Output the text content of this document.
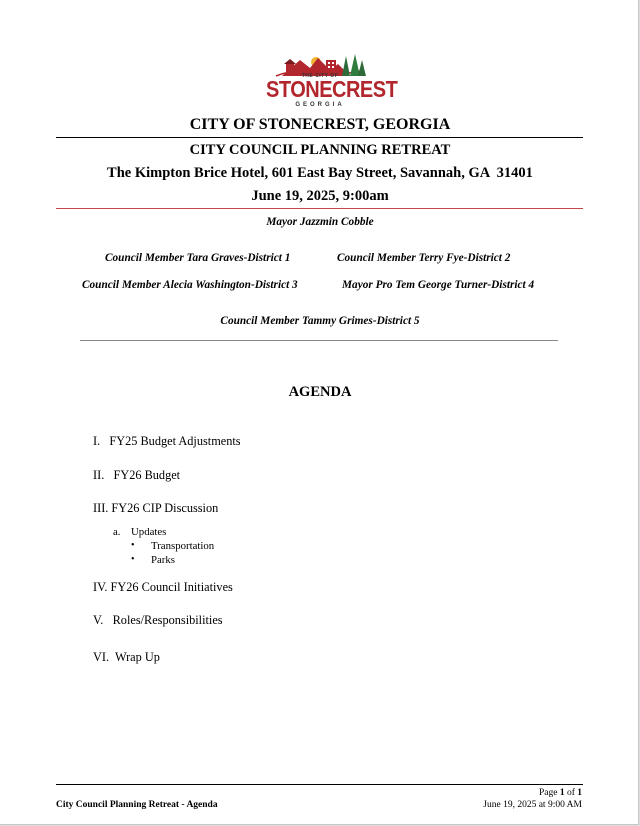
THE CITY OF
STONECREST
GEORGIA
CITY OF STONECREST, GEORGIA
CITY COUNCIL PLANNING RETREAT
The Kimpton Brice Hotel, 601 East Bay Street, Savannah, GA  31401
June 19, 2025, 9:00am
Mayor Jazzmin Cobble
Council Member Tara Graves-District 1	Council Member Terry Fye-District 2
Council Member Alecia Washington-District 3	Mayor Pro Tem George Turner-District 4
Council Member Tammy Grimes-District 5
AGENDA
I.   FY25 Budget Adjustments
II.   FY26 Budget
III. FY26 CIP Discussion
a. Updates
• Transportation
• Parks
IV. FY26 Council Initiatives
V.   Roles/Responsibilities
VI.  Wrap Up
City Council Planning Retreat - Agenda
Page 1 of 1
June 19, 2025 at 9:00 AM
